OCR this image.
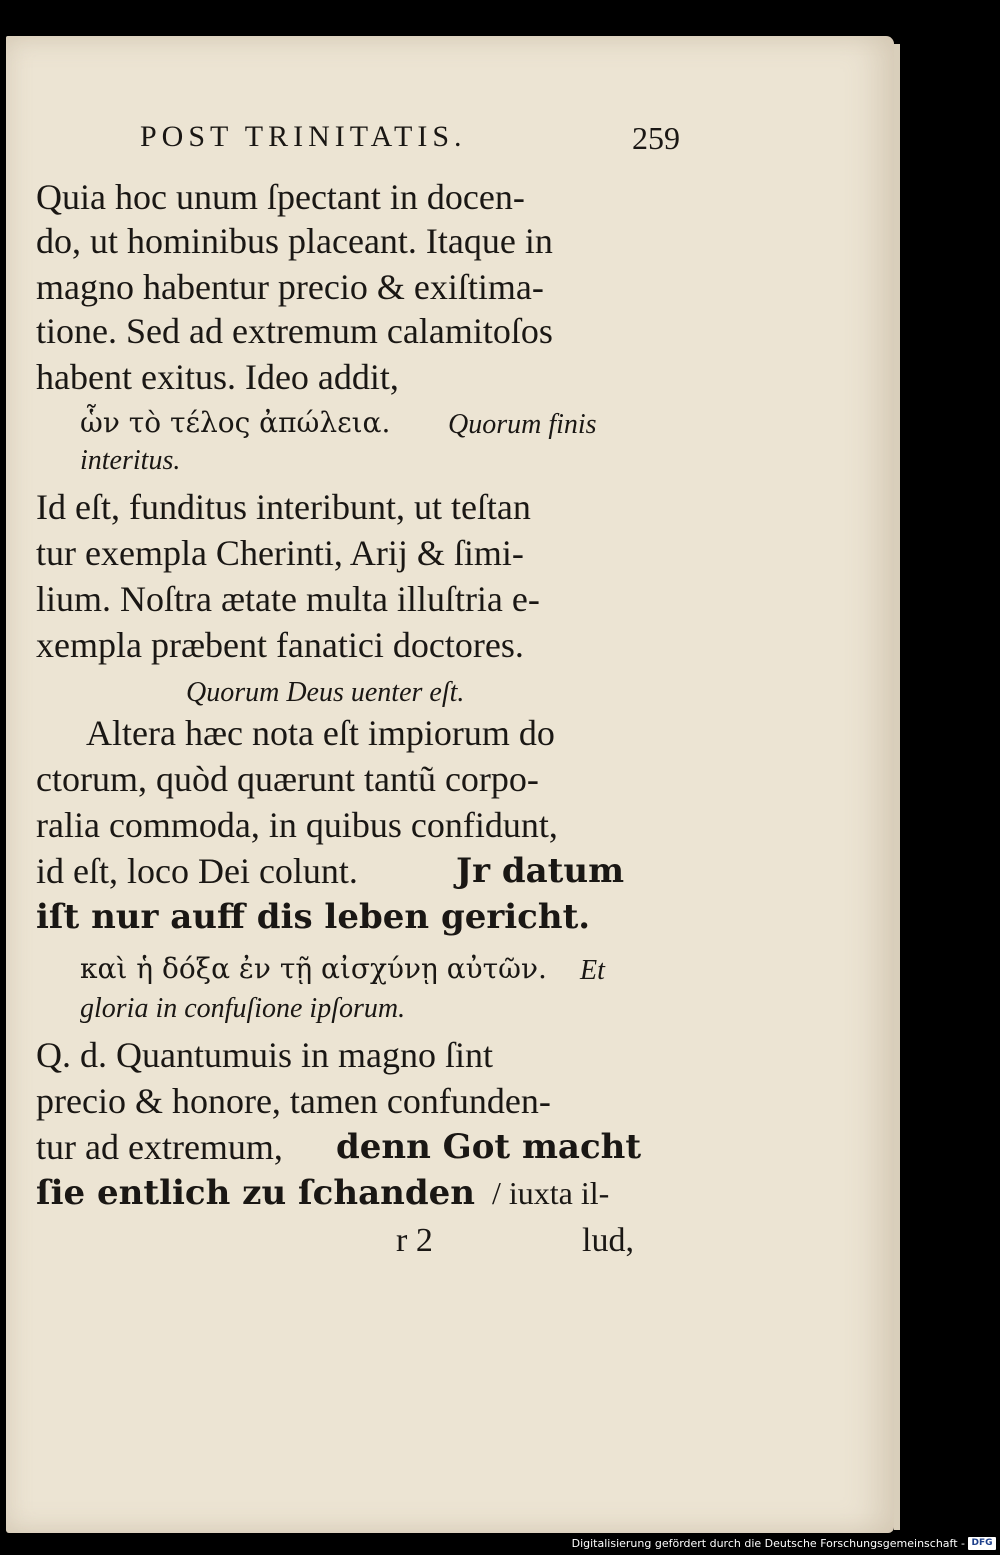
POST TRINITATIS.	259
Quia hoc unum ſpectant in docen-
do, ut hominibus placeant. Itaque in
magno habentur precio & exiſtima-
tione. Sed ad extremum calamitoſos
habent exitus. Ideo addit,
ὧν τὸ τέλος ἀπώλεια. Quorum finis
interitus.
Id eſt, funditus interibunt, ut teſtan
tur exempla Cherinti, Arij & ſimi-
lium. Noſtra ætate multa illuſtria e-
xempla præbent fanatici doctores.
Quorum Deus uenter eſt.
Altera hæc nota eſt impiorum do
ctorum, quòd quærunt tantũ corpo-
ralia commoda, in quibus confidunt,
id eſt, loco Dei colunt.	Jr datum
iſt nur auff dis leben gericht.
καὶ ἡ δόξα ἐν τῇ αἰσχύνῃ αὐτῶν. Et
gloria in confuſione ipſorum.
Q. d. Quantumuis in magno ſint
precio & honore, tamen confunden-
tur ad extremum, denn Got macht
ſie entlich zu ſchanden / iuxta il-
r 2	lud,
Digitalisierung gefördert durch die Deutsche Forschungsgemeinschaft - DFG
